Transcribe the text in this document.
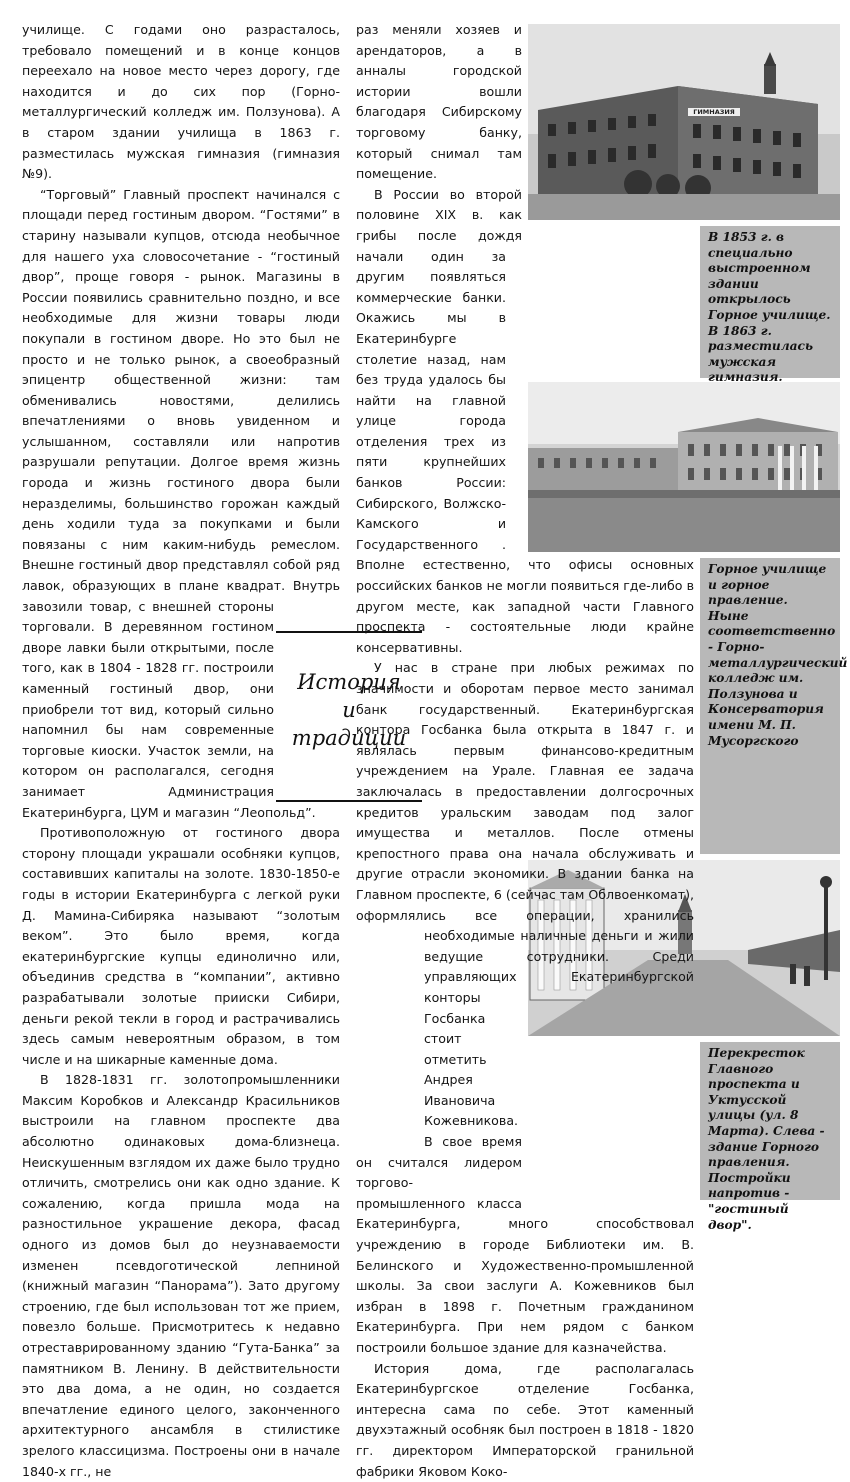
ГИМНАЗИЯ
В 1853 г. в специально выстроенном здании открылось Горное училище. В 1863 г. разместилась мужская гимназия.
Горное училище и горное правление. Ныне соответственно - Горно-металлургический колледж им. Ползунова и Консерватория имени М. П. Мусоргского
Перекресток Главного проспекта и Уктусской улицы (ул. 8 Марта). Слева - здание Горного правления. Постройки напротив - "гостиный двор".
История
и
традиции

училище. С годами оно разрасталось, требовало помещений и в конце концов переехало на новое место через дорогу, где находится и до сих пор (Горно-металлургический колледж им. Ползунова). А в старом здании училища в 1863 г. разместилась мужская гимназия (гимназия №9).

“Торговый” Главный проспект начинался с площади перед гостиным двором. “Гостями” в старину называли купцов, отсюда необычное для нашего уха словосочетание - “гостиный двор”, проще говоря - рынок. Магазины в России появились сравнительно поздно, и все необходимые для жизни товары люди покупали в гостином дворе. Но это был не просто и не только рынок, а своеобразный эпицентр общественной жизни: там обменивались новостями, делились впечатлениями о вновь увиденном и услышанном, составляли или напротив разрушали репутации. Долгое время жизнь города и жизнь гостиного двора были неразделимы, большинство горожан каждый день ходили туда за покупками и были повязаны с ним каким-нибудь ремеслом. Внешне гостиный двор представлял собой ряд лавок, образующих в плане квадрат. Внутрь завозили товар, с внешней стороны торговали. В деревянном гостином дворе лавки были открытыми, после того, как в 1804 - 1828 гг. построили каменный гостиный двор, они приобрели тот вид, который сильно напомнил бы нам современные торговые киоски. Участок земли, на котором он располагался, сегодня занимает Администрация Екатеринбурга, ЦУМ и магазин “Леопольд”.

Противоположную от гостиного двора сторону площади украшали особняки купцов, составивших капиталы на золоте. 1830-1850-е годы в истории Екатеринбурга с легкой руки Д. Мамина-Сибиряка называют “золотым веком”. Это было время, когда екатеринбургские купцы единолично или, объединив средства в “компании”, активно разрабатывали золотые прииски Сибири, деньги рекой текли в город и растрачивались здесь самым невероятным образом, в том числе и на шикарные каменные дома.

В 1828-1831 гг. золотопромышленники Максим Коробков и Александр Красильников выстроили на главном проспекте два абсолютно одинаковых дома-близнеца. Неискушенным взглядом их даже было трудно отличить, смотрелись они как одно здание. К сожалению, когда пришла мода на разностильное украшение декора, фасад одного из домов был до неузнаваемости изменен псевдоготической лепниной (книжный магазин “Панорама”). Зато другому строению, где был использован тот же прием, повезло больше. Присмотритесь к недавно отреставрированному зданию “Гута-Банка” за памятником В. Ленину. В действительности это два дома, а не один, но создается впечатление единого целого, законченного архитектурного ансамбля в стилистике зрелого классицизма. Построены они в начале 1840-х гг., не

раз меняли хозяев и арендаторов, а в анналы городской истории вошли благодаря Сибирскому торговому банку, который снимал там помещение.

В России во второй половине XIX в. как грибы после дождя начали один за другим появляться коммерческие банки. Окажись мы в Екатеринбурге столетие назад, нам без труда удалось бы найти на главной улице города отделения трех из пяти крупнейших банков России: Сибирского, Волжско-Камского и Государственного . Вполне естественно, что офисы основных российских банков не могли появиться где-либо в другом месте, как западной части Главного проспекта - состоятельные люди крайне консервативны.

У нас в стране при любых режимах по значимости и оборотам первое место занимал банк государственный. Екатеринбургская контора Госбанка была открыта в 1847 г. и являлась первым финансово-кредитным учреждением на Урале. Главная ее задача заключалась в предоставлении долгосрочных кредитов уральским заводам под залог имущества и металлов. После отмены крепостного права она начала обслуживать и другие отрасли экономики. В здании банка на Главном проспекте, 6 (сейчас там Облвоенкомат), оформлялись все операции, хранились необходимые наличные деньги и жили ведущие сотрудники. Среди управляющих Екатеринбургской конторы Госбанка стоит отметить Андрея Ивановича Кожевникова. В свое время он считался лидером торгово-промышленного класса Екатеринбурга, много способствовал учреждению в городе Библиотеки им. В. Белинского и Художественно-промышленной школы. За свои заслуги А. Кожевников был избран в 1898 г. Почетным гражданином Екатеринбурга. При нем рядом с банком построили большое здание для казначейства.

История дома, где располагалась Екатеринбургское отделение Госбанка, интересна сама по себе. Этот каменный двухэтажный особняк был построен в 1818 - 1820 гг. директором Императорской гранильной фабрики Яковом Коко-
